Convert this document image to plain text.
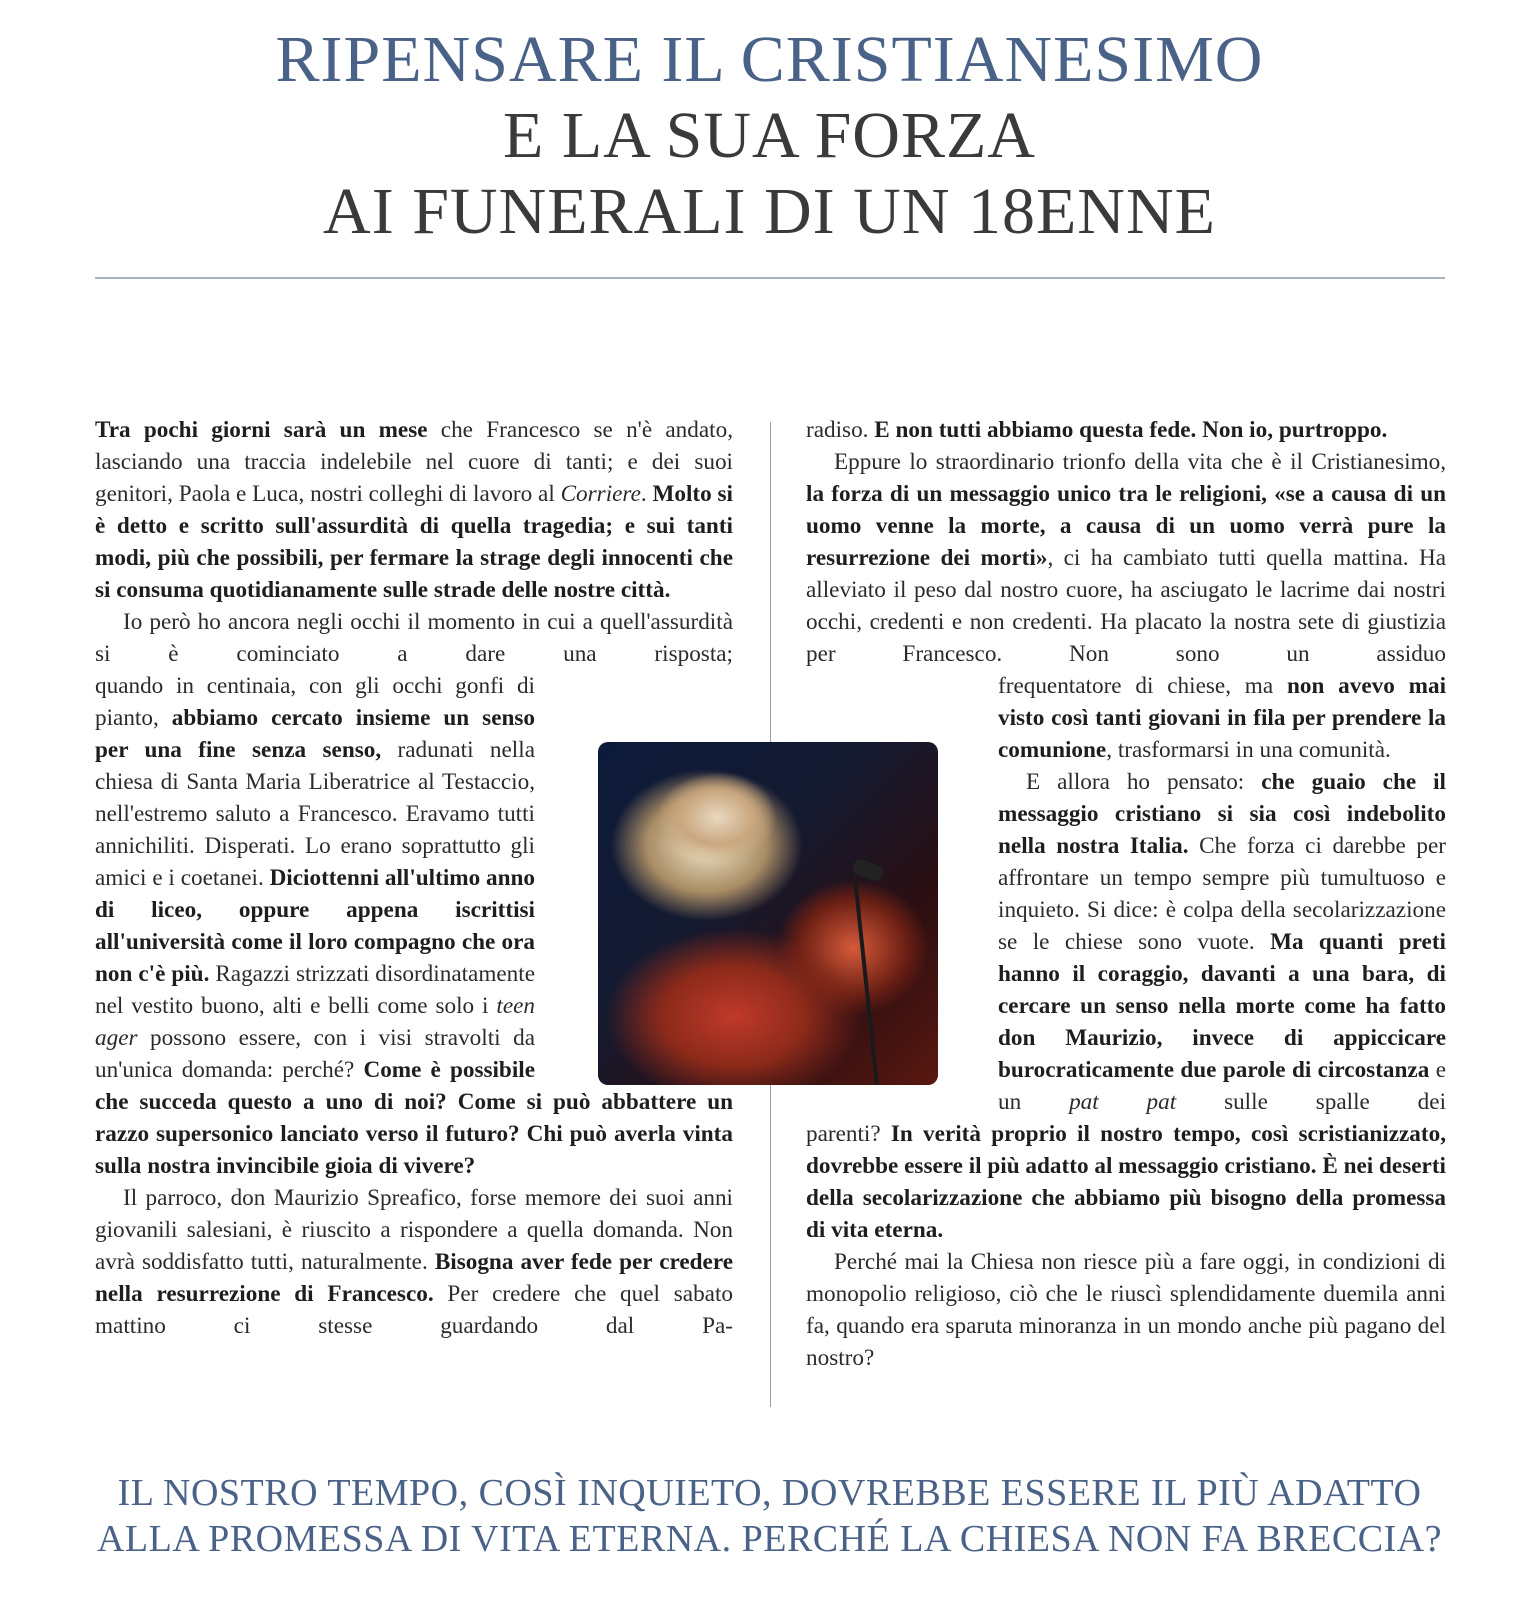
RIPENSARE IL CRISTIANESIMO
E LA SUA FORZA
AI FUNERALI DI UN 18ENNE
Tra pochi giorni sarà un mese che Francesco se n'è andato, lasciando una traccia indelebile nel cuore di tanti; e dei suoi genitori, Paola e Luca, nostri colleghi di lavoro al Corriere. Molto si è detto e scritto sull'assurdità di quella tragedia; e sui tanti modi, più che possibili, per fermare la strage degli innocenti che si consuma quotidianamente sulle strade delle nostre città.
Io però ho ancora negli occhi il momento in cui a quell'assurdità si è cominciato a dare una risposta;
quando in centinaia, con gli occhi gonfi di pianto, abbiamo cercato insieme un senso per una fine senza senso, radunati nella chiesa di Santa Maria Liberatrice al Testaccio, nell'estremo saluto a Francesco. Eravamo tutti annichiliti. Disperati. Lo erano soprattutto gli amici e i coetanei. Diciottenni all'ultimo anno di liceo, oppure appena iscrittisi all'università come il loro compagno che ora non c'è più. Ragazzi strizzati disordinatamente nel vestito buono, alti e belli come solo i teen ager possono essere, con i visi stravolti da un'unica domanda: perché? Come è possibile
che succeda questo a uno di noi? Come si può abbattere un razzo supersonico lanciato verso il futuro? Chi può averla vinta sulla nostra invincibile gioia di vivere?
Il parroco, don Maurizio Spreafico, forse memore dei suoi anni giovanili salesiani, è riuscito a rispondere a quella domanda. Non avrà soddisfatto tutti, naturalmente. Bisogna aver fede per credere nella resurrezione di Francesco. Per credere che quel sabato mattino ci stesse guardando dal Pa-
radiso. E non tutti abbiamo questa fede. Non io, purtroppo.
Eppure lo straordinario trionfo della vita che è il Cristianesimo, la forza di un messaggio unico tra le religioni, «se a causa di un uomo venne la morte, a causa di un uomo verrà pure la resurrezione dei morti», ci ha cambiato tutti quella mattina. Ha alleviato il peso dal nostro cuore, ha asciugato le lacrime dai nostri occhi, credenti e non credenti. Ha placato la nostra sete di giustizia per Francesco. Non sono un assiduo
frequentatore di chiese, ma non avevo mai visto così tanti giovani in fila per prendere la comunione, trasformarsi in una comunità.
E allora ho pensato: che guaio che il messaggio cristiano si sia così indebolito nella nostra Italia. Che forza ci darebbe per affrontare un tempo sempre più tumultuoso e inquieto. Si dice: è colpa della secolarizzazione se le chiese sono vuote. Ma quanti preti hanno il coraggio, davanti a una bara, di cercare un senso nella morte come ha fatto don Maurizio, invece di appiccicare burocraticamente due parole di circostanza e un pat pat sulle spalle dei
parenti? In verità proprio il nostro tempo, così scristianizzato, dovrebbe essere il più adatto al messaggio cristiano. È nei deserti della secolarizzazione che abbiamo più bisogno della promessa di vita eterna.
Perché mai la Chiesa non riesce più a fare oggi, in condizioni di monopolio religioso, ciò che le riuscì splendidamente duemila anni fa, quando era sparuta minoranza in un mondo anche più pagano del nostro?
IL NOSTRO TEMPO, COSÌ INQUIETO, DOVREBBE ESSERE IL PIÙ ADATTO
ALLA PROMESSA DI VITA ETERNA. PERCHÉ LA CHIESA NON FA BRECCIA?
